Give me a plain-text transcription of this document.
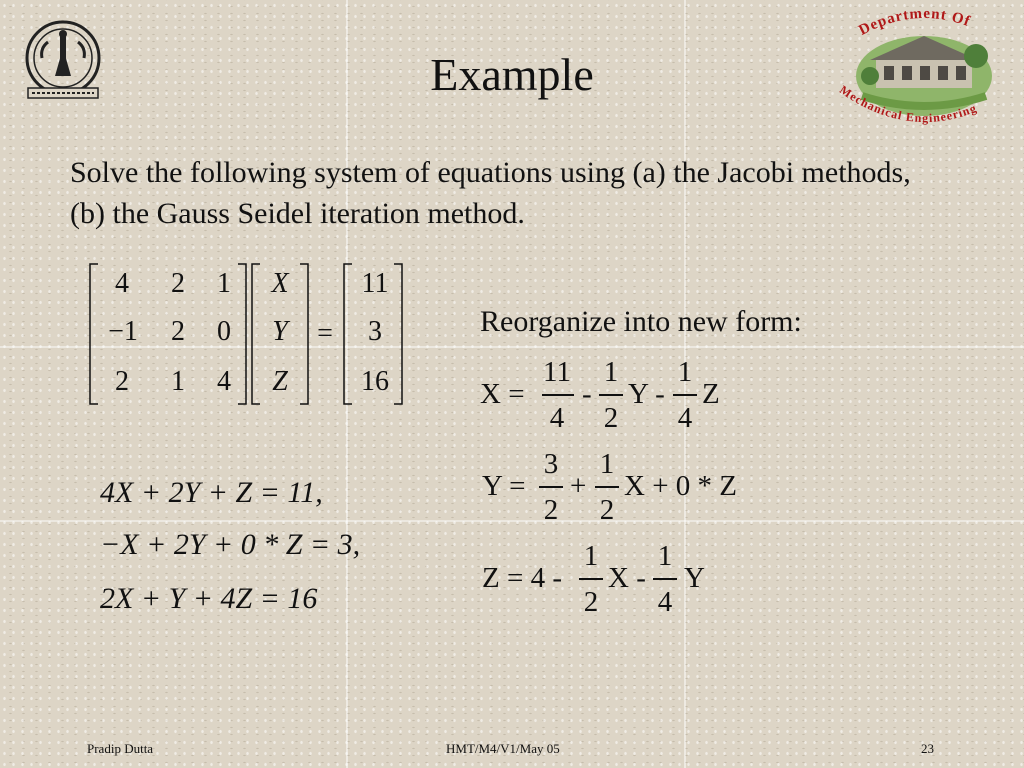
Department Of
Mechanical Engineering
Example
Solve the following system of equations using (a) the Jacobi methods, (b) the Gauss Seidel iteration method.
4	2	1
−1	2	0
2	1	4
X
Y
Z
=
11
3
16
4X + 2Y + Z = 11,
−X + 2Y + 0 * Z = 3,
2X + Y + 4Z = 16
Reorganize into new form:
X =
11
4
-
1
2
Y -
1
4
Z
Y =
3
2
+
1
2
X + 0 * Z
Z = 4 -
1
2
X -
1
4
Y
Pradip Dutta	HMT/M4/V1/May 05	23
